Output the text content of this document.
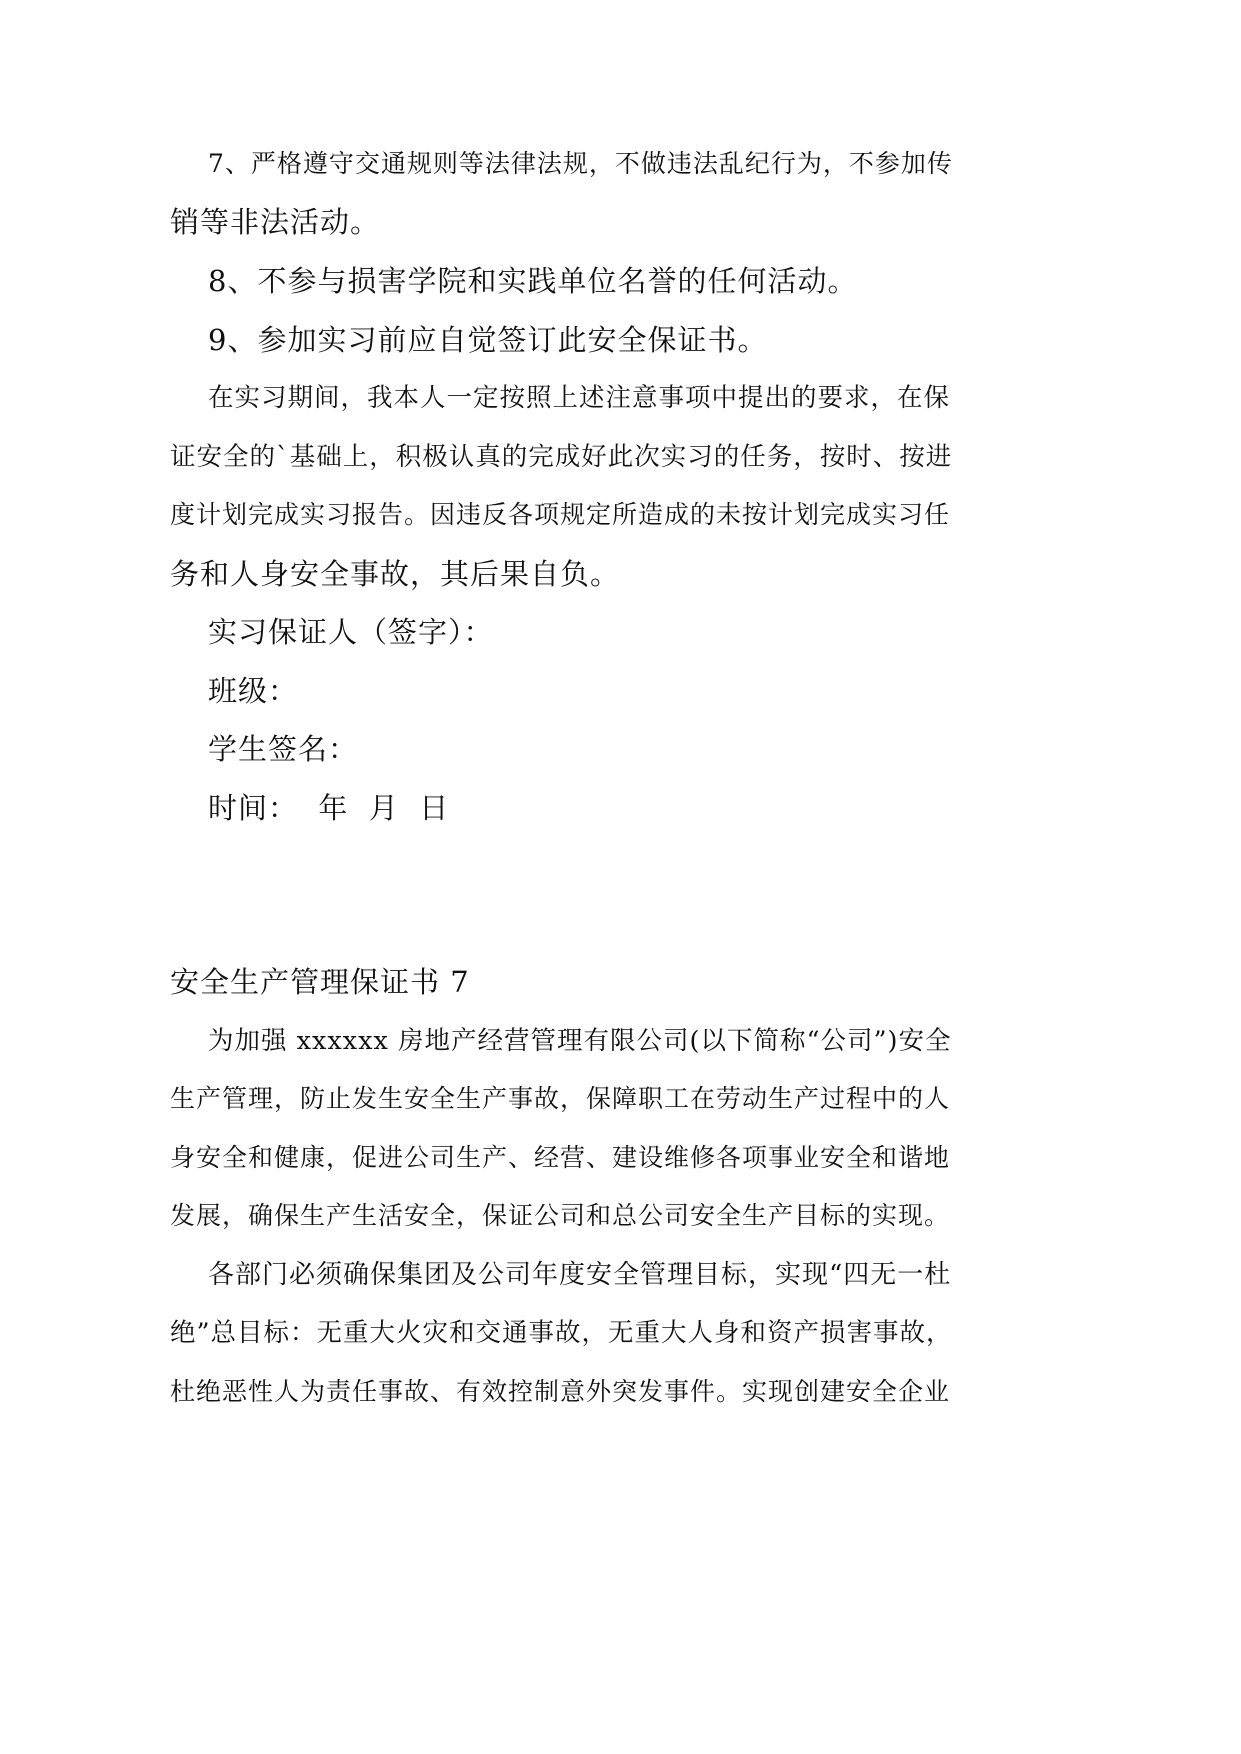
7、严格遵守交通规则等法律法规，不做违法乱纪行为，不参加传
销等非法活动。
8、不参与损害学院和实践单位名誉的任何活动。
9、参加实习前应自觉签订此安全保证书。
在实习期间，我本人一定按照上述注意事项中提出的要求，在保
证安全的`基础上，积极认真的完成好此次实习的任务，按时、按进
度计划完成实习报告。因违反各项规定所造成的未按计划完成实习任
务和人身安全事故，其后果自负。
实习保证人（签字）：
班级：
学生签名：
时间：  年  月  日
安全生产管理保证书 7
为加强 xxxxxx 房地产经营管理有限公司(以下简称“公司”)安全
生产管理，防止发生安全生产事故，保障职工在劳动生产过程中的人
身安全和健康，促进公司生产、经营、建设维修各项事业安全和谐地
发展，确保生产生活安全，保证公司和总公司安全生产目标的实现。
各部门必须确保集团及公司年度安全管理目标，实现“四无一杜
绝”总目标：无重大火灾和交通事故，无重大人身和资产损害事故，
杜绝恶性人为责任事故、有效控制意外突发事件。实现创建安全企业
